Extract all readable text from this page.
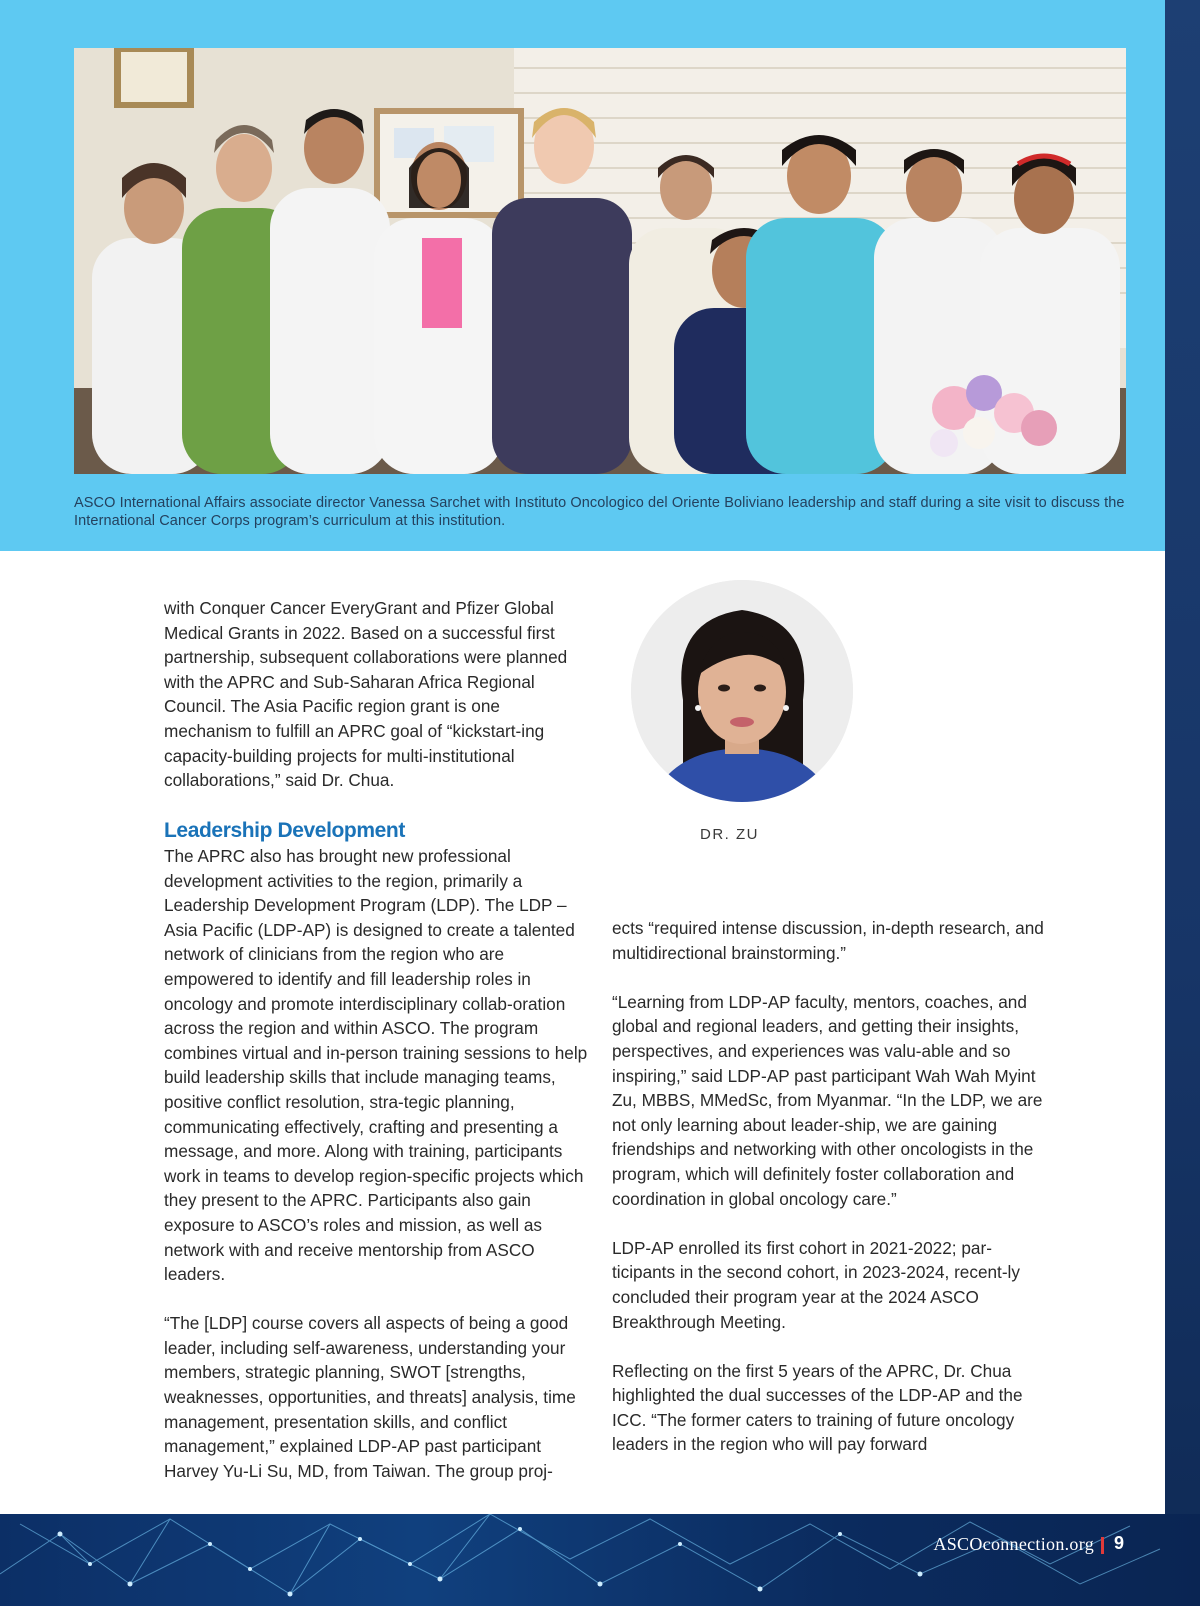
ASCO International Affairs associate director Vanessa Sarchet with Instituto Oncologico del Oriente Boliviano leadership and staff during a site visit to discuss the International Cancer Corps program’s curriculum at this institution.

with Conquer Cancer EveryGrant and Pfizer Global Medical Grants in 2022. Based on a successful first partnership, subsequent collaborations were planned with the APRC and Sub-Saharan Africa Regional Council. The Asia Pacific region grant is one mechanism to fulfill an APRC goal of “kickstart-ing capacity-building projects for multi-institutional collaborations,” said Dr. Chua.

Leadership Development

The APRC also has brought new professional development activities to the region, primarily a Leadership Development Program (LDP). The LDP – Asia Pacific (LDP-AP) is designed to create a talented network of clinicians from the region who are empowered to identify and fill leadership roles in oncology and promote interdisciplinary collab-oration across the region and within ASCO. The program combines virtual and in-person training sessions to help build leadership skills that include managing teams, positive conflict resolution, stra-tegic planning, communicating effectively, crafting and presenting a message, and more. Along with training, participants work in teams to develop region-specific projects which they present to the APRC. Participants also gain exposure to ASCO’s roles and mission, as well as network with and receive mentorship from ASCO leaders.

“The [LDP] course covers all aspects of being a good leader, including self-awareness, understanding your members, strategic planning, SWOT [strengths, weaknesses, opportunities, and threats] analysis, time management, presentation skills, and conflict management,” explained LDP-AP past participant Harvey Yu-Li Su, MD, from Taiwan. The group proj-

DR. ZU

ects “required intense discussion, in-depth research, and multidirectional brainstorming.”

“Learning from LDP-AP faculty, mentors, coaches, and global and regional leaders, and getting their insights, perspectives, and experiences was valu-able and so inspiring,” said LDP-AP past participant Wah Wah Myint Zu, MBBS, MMedSc, from Myanmar. “In the LDP, we are not only learning about leader-ship, we are gaining friendships and networking with other oncologists in the program, which will definitely foster collaboration and coordination in global oncology care.”

LDP-AP enrolled its first cohort in 2021-2022; par-ticipants in the second cohort, in 2023-2024, recent-ly concluded their program year at the 2024 ASCO Breakthrough Meeting.

Reflecting on the first 5 years of the APRC, Dr. Chua highlighted the dual successes of the LDP-AP and the ICC. “The former caters to training of future oncology leaders in the region who will pay forward

ASCOconnection.org 9
